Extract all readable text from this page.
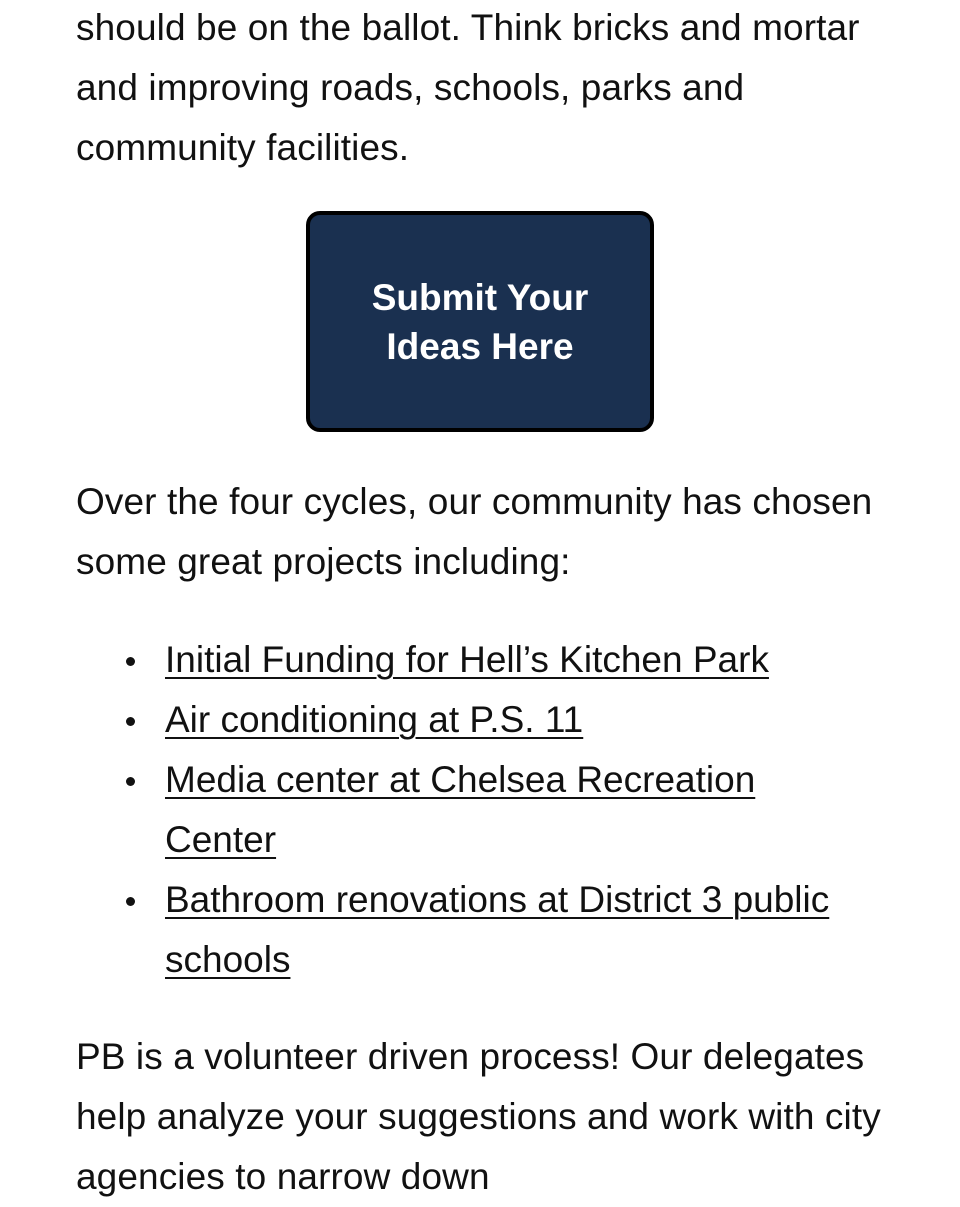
should be on the ballot. Think bricks and mortar and improving roads, schools, parks and community facilities.

Submit Your Ideas Here

Over the four cycles, our community has chosen some great projects including:

Initial Funding for Hell’s Kitchen Park
Air conditioning at P.S. 11
Media center at Chelsea Recreation Center
Bathroom renovations at District 3 public schools

PB is a volunteer driven process! Our delegates help analyze your suggestions and work with city agencies to narrow down
